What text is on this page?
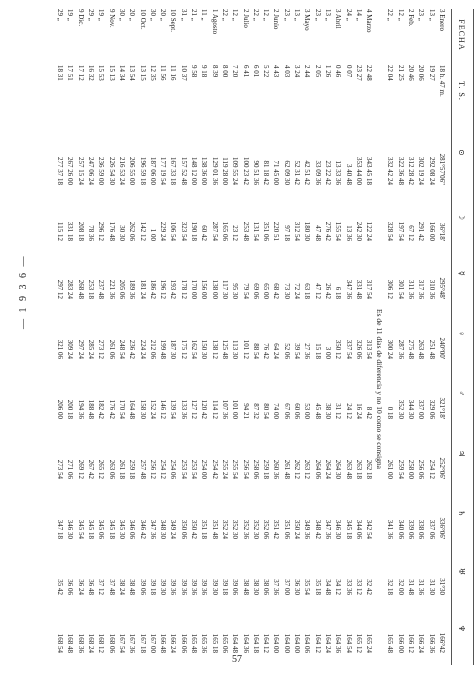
— 1 9 3 6 —
FECHA
T. S.
⊙
☽
☿
♀
♂
♃
♄
♅
♆
3 Enero
18 h. 47 m.
281°57'06"
36°18'
295°48'
240°00'
321°18'
252°06'
336°06'
31°30
166°42
13 „
19 27
292 08 24
166 00
310 36
251 48
329 06
254 12
337 06
31 30
166 36
23 „
20 06
302 19 24
291 42
317 36
263 48
337 00
256 06
338 06
31 36
166 24
2 Feb.
20 46
312 28 42
67 12
311 36
275 48
344 30
258 00
339 06
31 48
166 12
12 „
21 25
322 36 48
197 54
301 54
287 36
352 30
259 54
340 06
32 00
166 00
22 „
22 04
332 42 24
328 54
306 12
300 24
0 18
261 00
341 36
32 18
165 48
4 Marzo
22 48
343 45 18
122 24
317 54
313 54
8 42
262 18
342 54
32 42
165 24
14 „
23 27
353 44 00
242 30
331 48
326 06
16 24
263 18
344 06
33 12
165 12
24 „
0 07
3 40 48
13 36
347 36
337 54
24 12
263 48
345 18
33 36
164 54
3 Abril
0 46
13 33 36
155 54
6 18
350 12
31 12
264 30
346 30
34 12
164 36
13 „
1 26
23 22 42
276 42
26 42
3 00
38 30
264 24
347 36
34 48
164 24
23 „
2 05
33 09 36
47 48
47 12
15 18
45 48
264 06
348 42
35 18
164 12
3 Mayo
2 44
42 51 42
180 30
63 18
27 36
53 00
263 12
349 36
35 54
164 06
13 „
3 24
52 31 42
312 54
72 24
39 54
60 06
262 12
350 24
36 30
164 00
23 „
4 03
62 09 30
97 18
73 30
52 06
67 06
261 48
351 06
37 00
164 00
2 Junio
4 43
71 45 00
220 51
68 42
64 24
74 00
260 36
351 42
37 36
164 00
12 „
5 22
81 18 42
351 06
65 00
76 42
80 54
259 18
352 06
38 06
164 12
22 „
6 01
90 51 36
131 54
69 06
88 54
87 32
258 06
352 30
38 30
164 18
2 Julio
6 41
100 23 42
253 48
79 54
101 12
94 21
256 54
352 36
38 48
164 36
12 „
7 20
109 55 24
23 12
95 30
113 30
101 00
255 54
352 30
39 06
164 48
22 „
8 00
119 28 00
165 06
117 30
125 48
107 36
255 24
352 24
39 18
165 06
1 Agosto
8 39
129 01 36
287 54
138 00
138 12
114 12
254 42
351 48
39 30
165 18
11 „
9 18
138 36 00
60 42
156 00
150 30
120 42
254 00
351 18
39 36
165 36
21 „
9 58
148 12 00
190 18
170 00
162 54
127 12
253 54
350 42
39 36
165 48
31 „
10 37
157 52 48
323 54
178 12
175 12
133 36
253 54
350 06
39 36
166 06
10 Sept.
11 16
167 33 18
106 54
193 42
187 30
139 54
254 06
349 24
39 36
166 24
20 „
11 56
177 19 54
229 24
196 12
199 48
146 12
254 12
348 30
39 30
166 48
30 „
12 35
187 06 00
1 00
186 42
212 06
152 24
256 12
347 36
39 18
167 00
10 Oct.
13 15
196 59 18
142 12
181 24
224 24
158 30
257 48
346 42
39 06
167 18
20 „
13 54
206 55 00
262 06
189 36
236 42
164 48
259 18
346 06
38 48
167 36
30 „
14 34
216 53 24
30 30
205 06
248 54
170 54
261 18
345 30
38 24
167 54
9 Nov.
15 13
226 54 30
176 48
221 36
261 06
176 42
263 06
345 18
37 48
168 06
19 „
15 53
236 59 00
296 12
237 48
273 12
182 42
265 12
345 06
37 12
168 12
29 „
16 32
247 06 24
78 36
253 18
285 24
188 48
267 42
345 18
36 48
168 24
9 Dic.
17 12
257 15 24
208 18
268 48
297 24
194 36
269 12
345 54
36 24
168 36
19 „
17 51
267 26 00
331 18
283 24
309 24
200 18
271 06
346 30
36 06
168 48
29 „
18 31
277 37 18
115 12
297 12
321 06
206 00
273 54
347 18
35 42
168 54
Es de 11 días de diferencia y no 10 como se consigna
57
